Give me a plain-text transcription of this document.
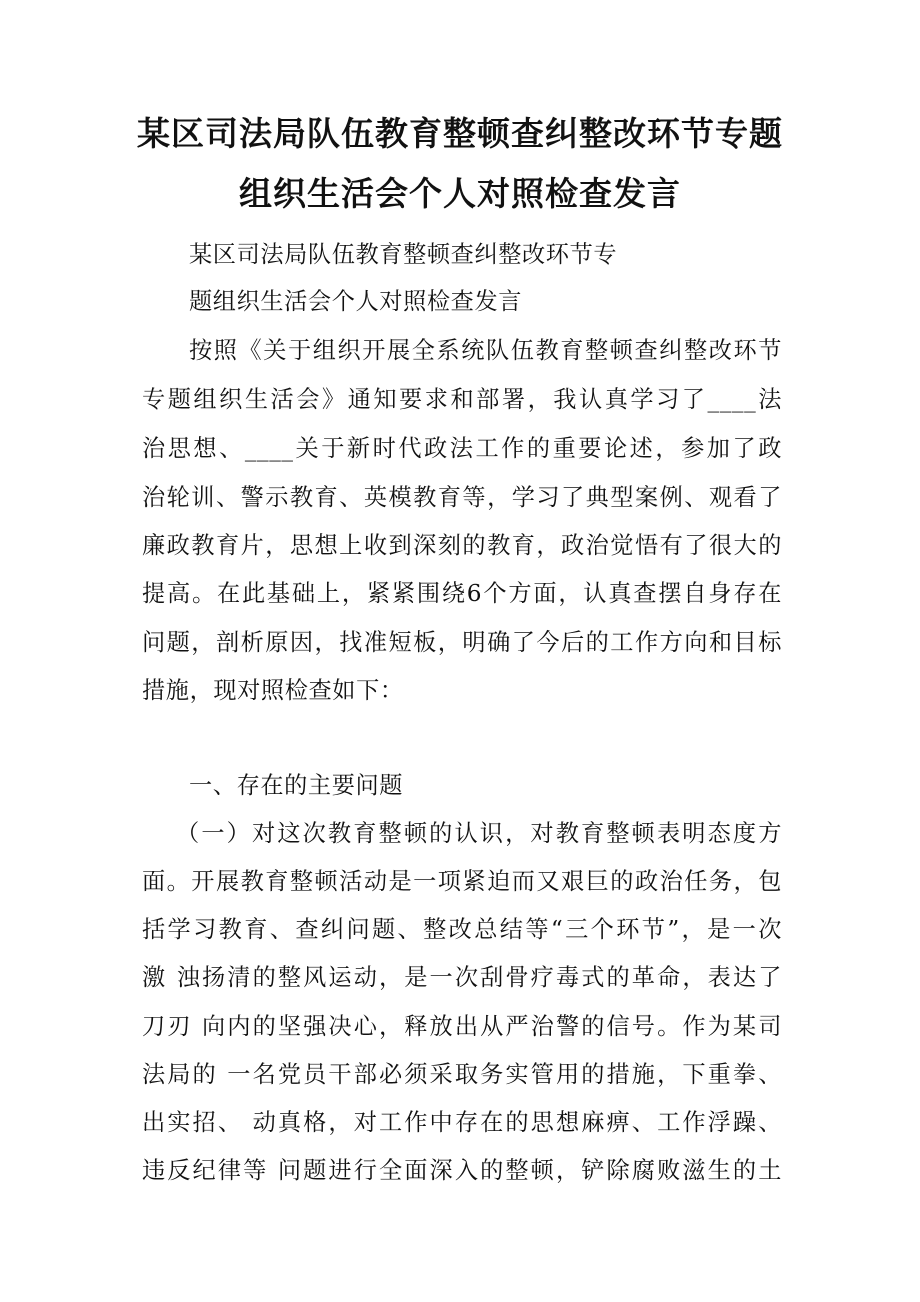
某区司法局队伍教育整顿查纠整改环节专题
组织生活会个人对照检查发言
某区司法局队伍教育整顿查纠整改环节专
题组织生活会个人对照检查发言
按照《关于组织开展全系统队伍教育整顿查纠整改环节
专题组织生活会》通知要求和部署，我认真学习了____法
治思想、____关于新时代政法工作的重要论述，参加了政
治轮训、警示教育、英模教育等，学习了典型案例、观看了
廉政教育片，思想上收到深刻的教育，政治觉悟有了很大的
提高。在此基础上，紧紧围绕6个方面，认真查摆自身存在
问题，剖析原因，找准短板，明确了今后的工作方向和目标
措施，现对照检查如下：
一、存在的主要问题
（一）对这次教育整顿的认识，对教育整顿表明态度方
面。开展教育整顿活动是一项紧迫而又艰巨的政治任务，包
括学习教育、查纠问题、整改总结等“三个环节”，是一次
激 浊扬清的整风运动，是一次刮骨疗毒式的革命，表达了
刀刃 向内的坚强决心，释放出从严治警的信号。作为某司
法局的 一名党员干部必须采取务实管用的措施，下重拳、
出实招、 动真格，对工作中存在的思想麻痹、工作浮躁、
违反纪律等 问题进行全面深入的整顿，铲除腐败滋生的土
